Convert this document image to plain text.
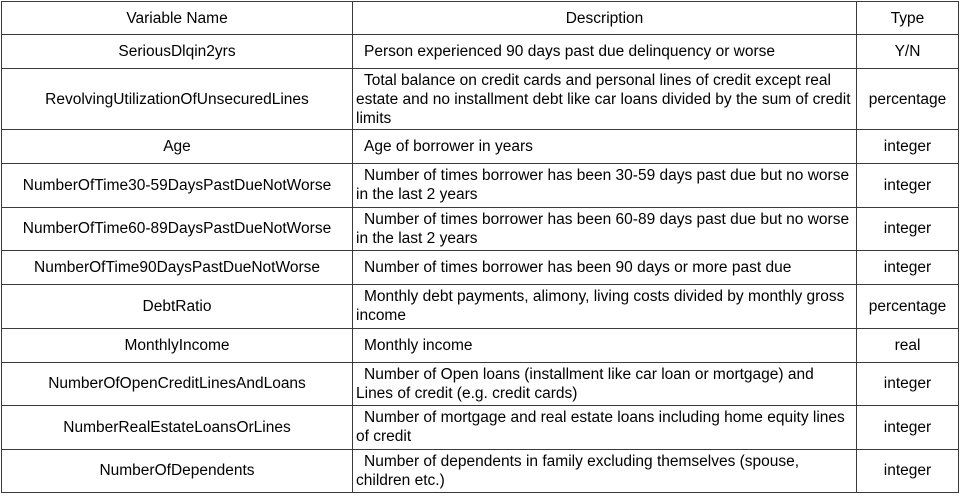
Variable Name	Description	Type
SeriousDlqin2yrs	Person experienced 90 days past due delinquency or worse	Y/N
RevolvingUtilizationOfUnsecuredLines	Total balance on credit cards and personal lines of credit except real estate and no installment debt like car loans divided by the sum of credit limits	percentage
Age	Age of borrower in years	integer
NumberOfTime30-59DaysPastDueNotWorse	Number of times borrower has been 30-59 days past due but no worse in the last 2 years	integer
NumberOfTime60-89DaysPastDueNotWorse	Number of times borrower has been 60-89 days past due but no worse in the last 2 years	integer
NumberOfTime90DaysPastDueNotWorse	Number of times borrower has been 90 days or more past due	integer
DebtRatio	Monthly debt payments, alimony, living costs divided by monthly gross income	percentage
MonthlyIncome	Monthly income	real
NumberOfOpenCreditLinesAndLoans	Number of Open loans (installment like car loan or mortgage) and Lines of credit (e.g. credit cards)	integer
NumberRealEstateLoansOrLines	Number of mortgage and real estate loans including home equity lines of credit	integer
NumberOfDependents	Number of dependents in family excluding themselves (spouse, children etc.)	integer
